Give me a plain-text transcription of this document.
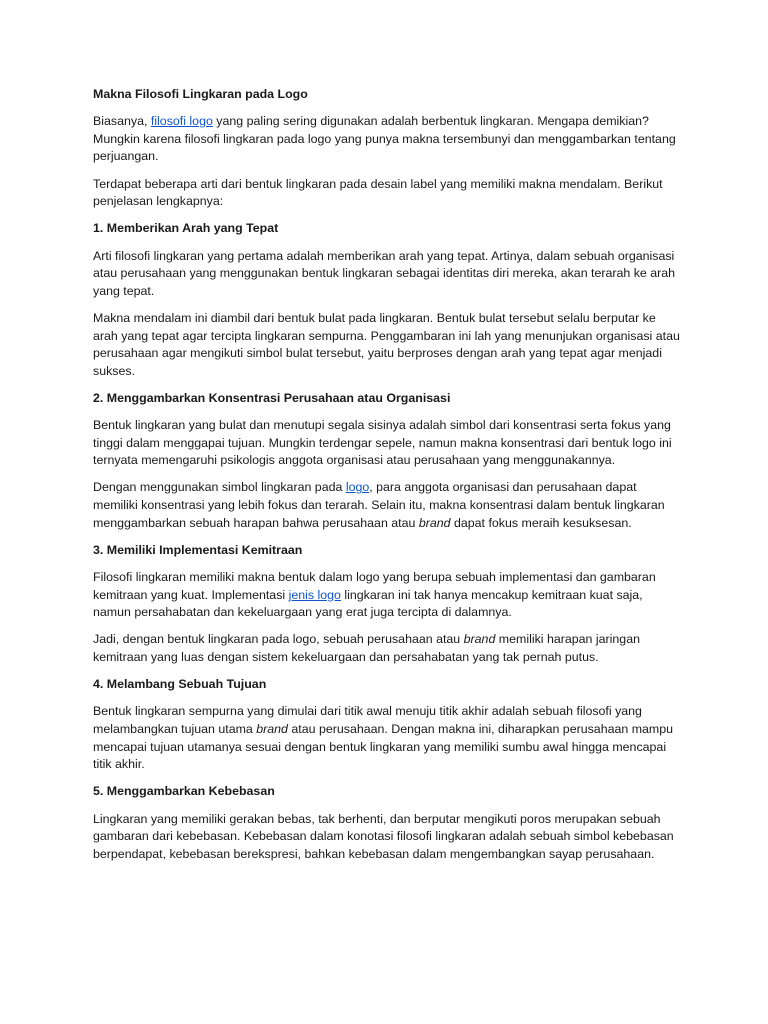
Makna Filosofi Lingkaran pada Logo

Biasanya, filosofi logo yang paling sering digunakan adalah berbentuk lingkaran. Mengapa demikian? Mungkin karena filosofi lingkaran pada logo yang punya makna tersembunyi dan menggambarkan tentang perjuangan.

Terdapat beberapa arti dari bentuk lingkaran pada desain label yang memiliki makna mendalam. Berikut penjelasan lengkapnya:

1. Memberikan Arah yang Tepat

Arti filosofi lingkaran yang pertama adalah memberikan arah yang tepat. Artinya, dalam sebuah organisasi atau perusahaan yang menggunakan bentuk lingkaran sebagai identitas diri mereka, akan terarah ke arah yang tepat.

Makna mendalam ini diambil dari bentuk bulat pada lingkaran. Bentuk bulat tersebut selalu berputar ke arah yang tepat agar tercipta lingkaran sempurna. Penggambaran ini lah yang menunjukan organisasi atau perusahaan agar mengikuti simbol bulat tersebut, yaitu berproses dengan arah yang tepat agar menjadi sukses.

2. Menggambarkan Konsentrasi Perusahaan atau Organisasi

Bentuk lingkaran yang bulat dan menutupi segala sisinya adalah simbol dari konsentrasi serta fokus yang tinggi dalam menggapai tujuan. Mungkin terdengar sepele, namun makna konsentrasi dari bentuk logo ini ternyata memengaruhi psikologis anggota organisasi atau perusahaan yang menggunakannya.

Dengan menggunakan simbol lingkaran pada logo, para anggota organisasi dan perusahaan dapat memiliki konsentrasi yang lebih fokus dan terarah. Selain itu, makna konsentrasi dalam bentuk lingkaran menggambarkan sebuah harapan bahwa perusahaan atau brand dapat fokus meraih kesuksesan.

3. Memiliki Implementasi Kemitraan

Filosofi lingkaran memiliki makna bentuk dalam logo yang berupa sebuah implementasi dan gambaran kemitraan yang kuat. Implementasi jenis logo lingkaran ini tak hanya mencakup kemitraan kuat saja, namun persahabatan dan kekeluargaan yang erat juga tercipta di dalamnya.

Jadi, dengan bentuk lingkaran pada logo, sebuah perusahaan atau brand memiliki harapan jaringan kemitraan yang luas dengan sistem kekeluargaan dan persahabatan yang tak pernah putus.

4. Melambang Sebuah Tujuan

Bentuk lingkaran sempurna yang dimulai dari titik awal menuju titik akhir adalah sebuah filosofi yang melambangkan tujuan utama brand atau perusahaan. Dengan makna ini, diharapkan perusahaan mampu mencapai tujuan utamanya sesuai dengan bentuk lingkaran yang memiliki sumbu awal hingga mencapai titik akhir.

5. Menggambarkan Kebebasan

Lingkaran yang memiliki gerakan bebas, tak berhenti, dan berputar mengikuti poros merupakan sebuah gambaran dari kebebasan. Kebebasan dalam konotasi filosofi lingkaran adalah sebuah simbol kebebasan berpendapat, kebebasan berekspresi, bahkan kebebasan dalam mengembangkan sayap perusahaan.
